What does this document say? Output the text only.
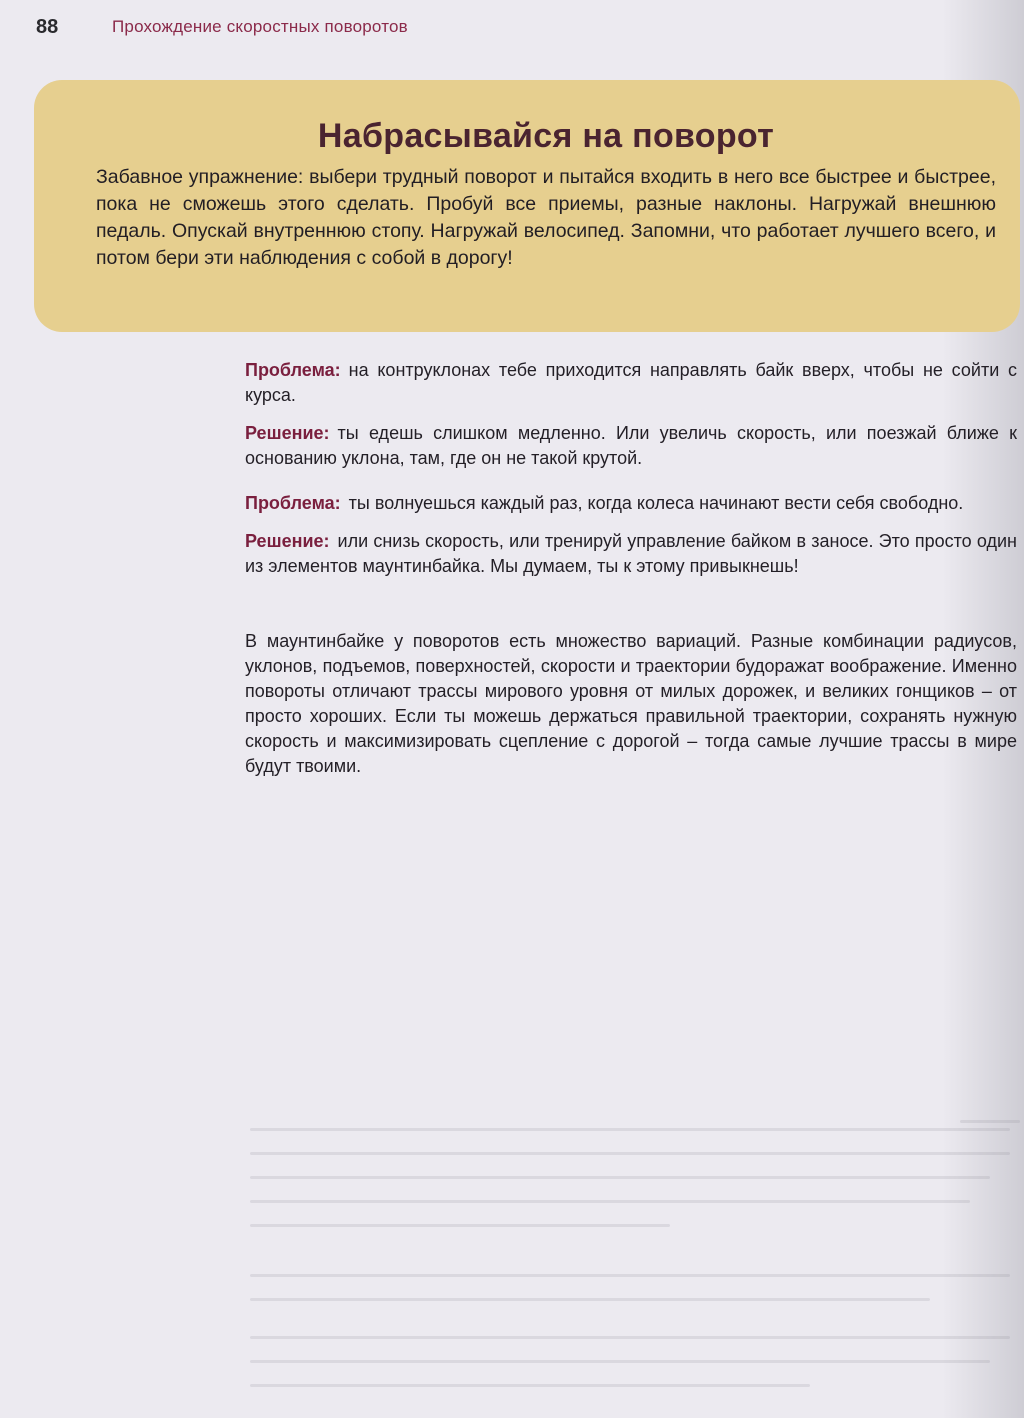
88	Прохождение скоростных поворотов
Набрасывайся на поворот

Забавное упражнение: выбери трудный поворот и пытайся входить в него все быстрее и быстрее, пока не сможешь этого сделать. Пробуй все приемы, разные наклоны. Нагружай внешнюю педаль. Опускай внутреннюю стопу. Нагружай велосипед. Запомни, что работает лучшего всего, и потом бери эти наблюдения с собой в дорогу!

Проблема: на контруклонах тебе приходится направлять байк вверх, чтобы не сойти с курса.

Решение: ты едешь слишком медленно. Или увеличь скорость, или поезжай ближе к основанию уклона, там, где он не такой крутой.

Проблема: ты волнуешься каждый раз, когда колеса начинают вести себя свободно.

Решение: или снизь скорость, или тренируй управление байком в заносе. Это просто один из элементов маунтинбайка. Мы думаем, ты к этому привыкнешь!

В маунтинбайке у поворотов есть множество вариаций. Разные комбинации радиусов, уклонов, подъемов, поверхностей, скорости и траектории будоражат воображение. Именно повороты отличают трассы мирового уровня от милых дорожек, и великих гонщиков – от просто хороших. Если ты можешь держаться правильной траектории, сохранять нужную скорость и максимизировать сцепление с дорогой – тогда самые лучшие трассы в мире будут твоими.
